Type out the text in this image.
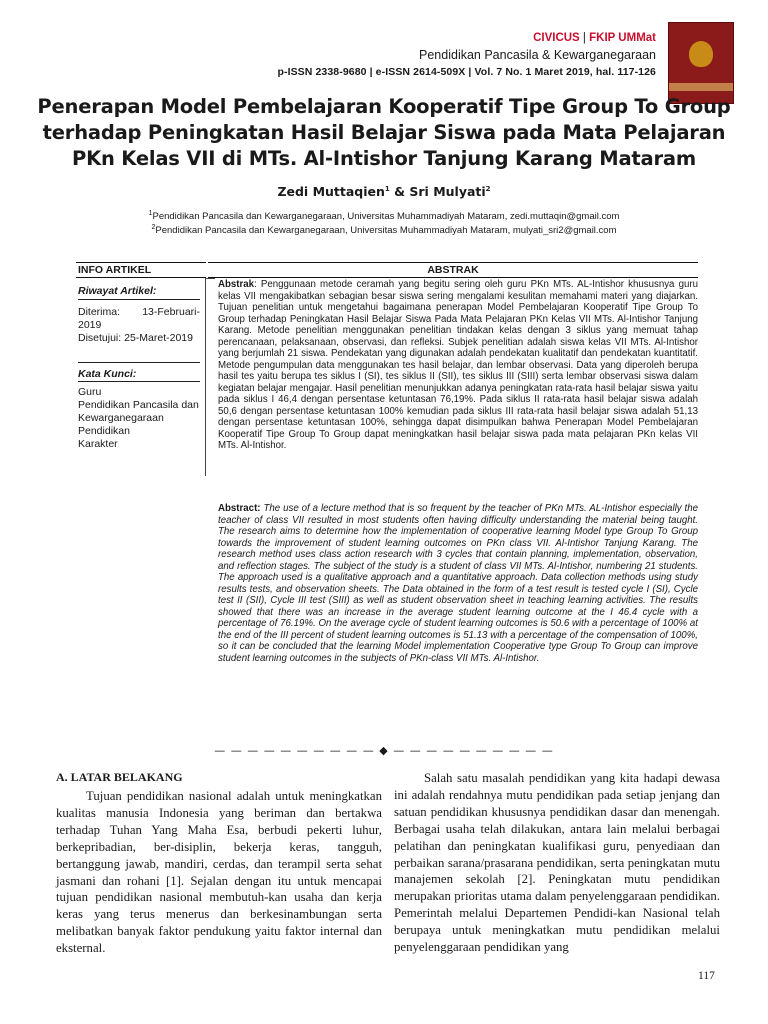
CIVICUS | FKIP UMMat
Pendidikan Pancasila & Kewarganegaraan
p-ISSN 2338-9680 | e-ISSN 2614-509X | Vol. 7 No. 1 Maret 2019, hal. 117-126
Penerapan Model Pembelajaran Kooperatif Tipe Group To Group terhadap Peningkatan Hasil Belajar Siswa pada Mata Pelajaran PKn Kelas VII di MTs. Al-Intishor Tanjung Karang Mataram
Zedi Muttaqien$^1$ & Sri Mulyati$^2$
$^1$Pendidikan Pancasila dan Kewarganegaraan, Universitas Muhammadiyah Mataram, zedi.muttaqin@gmail.com
$^2$Pendidikan Pancasila dan Kewarganegaraan, Universitas Muhammadiyah Mataram, mulyati_sri2@gmail.com
INFO ARTIKEL	ABSTRAK
Riwayat Artikel:
Diterima: 13-Februari-2019
Disetujui: 25-Maret-2019
Kata Kunci:
Guru
Pendidikan Pancasila dan Kewarganegaraan
Pendidikan
Karakter
Abstrak: Penggunaan metode ceramah yang begitu sering oleh guru PKn MTs. AL-Intishor khususnya guru kelas VII mengakibatkan sebagian besar siswa sering mengalami kesulitan memahami materi yang diajarkan. Tujuan penelitian untuk mengetahui bagaimana penerapan Model Pembelajaran Kooperatif Tipe Group To Group terhadap Peningkatan Hasil Belajar Siswa Pada Mata Pelajaran PKn Kelas VII MTs. Al-Intishor Tanjung Karang. Metode penelitian menggunakan penelitian tindakan kelas dengan 3 siklus yang memuat tahap perencanaan, pelaksanaan, observasi, dan refleksi. Subjek penelitian adalah siswa kelas VII MTs. Al-Intishor yang berjumlah 21 siswa. Pendekatan yang digunakan adalah pendekatan kualitatif dan pendekatan kuantitatif. Metode pengumpulan data menggunakan tes hasil belajar, dan lembar observasi. Data yang diperoleh berupa hasil tes yaitu berupa tes siklus I (SI), tes siklus II (SII), tes siklus III (SIII) serta lembar observasi siswa dalam kegiatan belajar mengajar. Hasil penelitian menunjukkan adanya peningkatan rata-rata hasil belajar siswa yaitu pada siklus I 46,4 dengan persentase ketuntasan 76,19%. Pada siklus II rata-rata hasil belajar siswa adalah 50,6 dengan persentase ketuntasan 100% kemudian pada siklus III rata-rata hasil belajar siswa adalah 51,13 dengan persentase ketuntasan 100%, sehingga dapat disimpulkan bahwa Penerapan Model Pembelajaran Kooperatif Tipe Group To Group dapat meningkatkan hasil belajar siswa pada mata pelajaran PKn kelas VII MTs. Al-Intishor.
Abstract: The use of a lecture method that is so frequent by the teacher of PKn MTs. AL-Intishor especially the teacher of class VII resulted in most students often having difficulty understanding the material being taught. The research aims to determine how the implementation of cooperative learning Model type Group To Group towards the improvement of student learning outcomes on PKn class VII. Al-Intishor Tanjung Karang. The research method uses class action research with 3 cycles that contain planning, implementation, observation, and reflection stages. The subject of the study is a student of class VII MTs. Al-Intishor, numbering 21 students. The approach used is a qualitative approach and a quantitative approach. Data collection methods using study results tests, and observation sheets. The Data obtained in the form of a test result is tested cycle I (SI), Cycle test II (SII), Cycle III test (SIII) as well as student observation sheet in teaching learning activities. The results showed that there was an increase in the average student learning outcome at the I 46.4 cycle with a percentage of 76.19%. On the average cycle of student learning outcomes is 50.6 with a percentage of 100% at the end of the III percent of student learning outcomes is 51.13 with a percentage of the compensation of 100%, so it can be concluded that the learning Model implementation Cooperative type Group To Group can improve student learning outcomes in the subjects of PKn-class VII MTs. Al-Intishor.
— — — — — — — — — — ◆ — — — — — — — — — —
A. LATAR BELAKANG

Tujuan pendidikan nasional adalah untuk meningkatkan kualitas manusia Indonesia yang beriman dan bertakwa terhadap Tuhan Yang Maha Esa, berbudi pekerti luhur, berkepribadian, ber-disiplin, bekerja keras, tangguh, bertanggung jawab, mandiri, cerdas, dan terampil serta sehat jasmani dan rohani [1]. Sejalan dengan itu untuk mencapai tujuan pendidikan nasional membutuh-kan usaha dan kerja keras yang terus menerus dan berkesinambungan serta melibatkan banyak faktor pendukung yaitu faktor internal dan eksternal.

Salah satu masalah pendidikan yang kita hadapi dewasa ini adalah rendahnya mutu pendidikan pada setiap jenjang dan satuan pendidikan khususnya pendidikan dasar dan menengah. Berbagai usaha telah dilakukan, antara lain melalui berbagai pelatihan dan peningkatan kualifikasi guru, penyediaan dan perbaikan sarana/prasarana pendidikan, serta peningkatan mutu manajemen sekolah [2]. Peningkatan mutu pendidikan merupakan prioritas utama dalam penyelenggaraan pendidikan. Pemerintah melalui Departemen Pendidi-kan Nasional telah berupaya untuk meningkatkan mutu pendidikan melalui penyelenggaraan pendidikan yang

117
